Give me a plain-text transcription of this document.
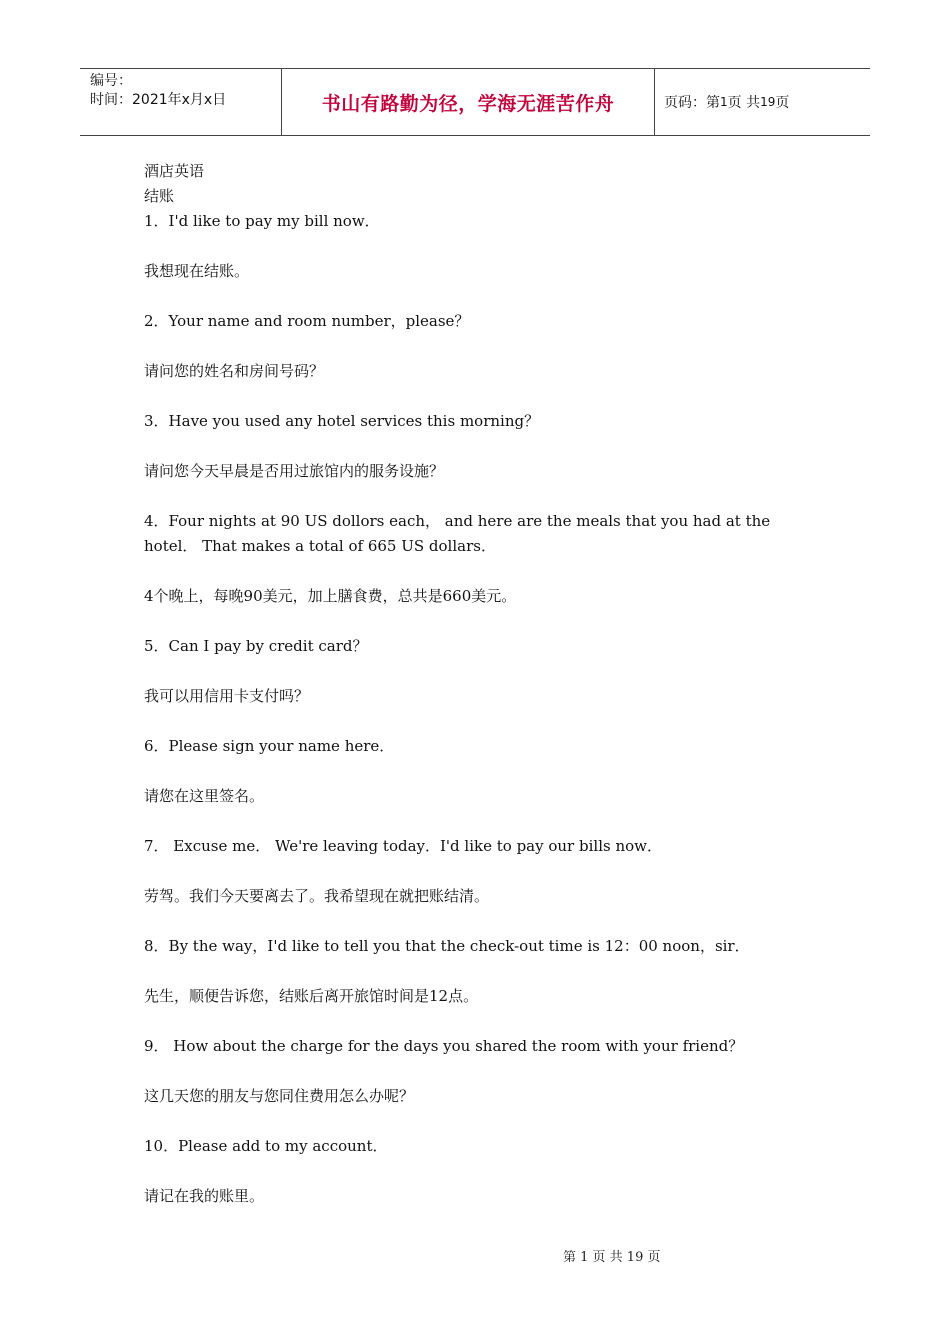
编号：
时间：2021年x月x日	书山有路勤为径，学海无涯苦作舟	页码：第 1 页 共 19 页

酒店英语

结账

1．I'd like to pay my bill now．

我想现在结账。

2．Your name and room number，please？

请问您的姓名和房间号码？

3．Have you used any hotel services this morning？

请问您今天早晨是否用过旅馆内的服务设施？

4．Four nights at 90 US dollors each， and here are the meals that you had at the hotel． That makes a total of 665 US dollars．

4个晚上，每晚90美元，加上膳食费，总共是660美元。

5．Can I pay by credit card？

我可以用信用卡支付吗？

6．Please sign your name here．

请您在这里签名。

7． Excuse me． We're leaving today．I'd like to pay our bills now．

劳驾。我们今天要离去了。我希望现在就把账结清。

8．By the way，I'd like to tell you that the check-out time is 12：00 noon，sir．

先生，顺便告诉您，结账后离开旅馆时间是12点。

9． How about the charge for the days you shared the room with your friend？

这几天您的朋友与您同住费用怎么办呢？

10．Please add to my account．

请记在我的账里。

第 1 页 共 19 页
